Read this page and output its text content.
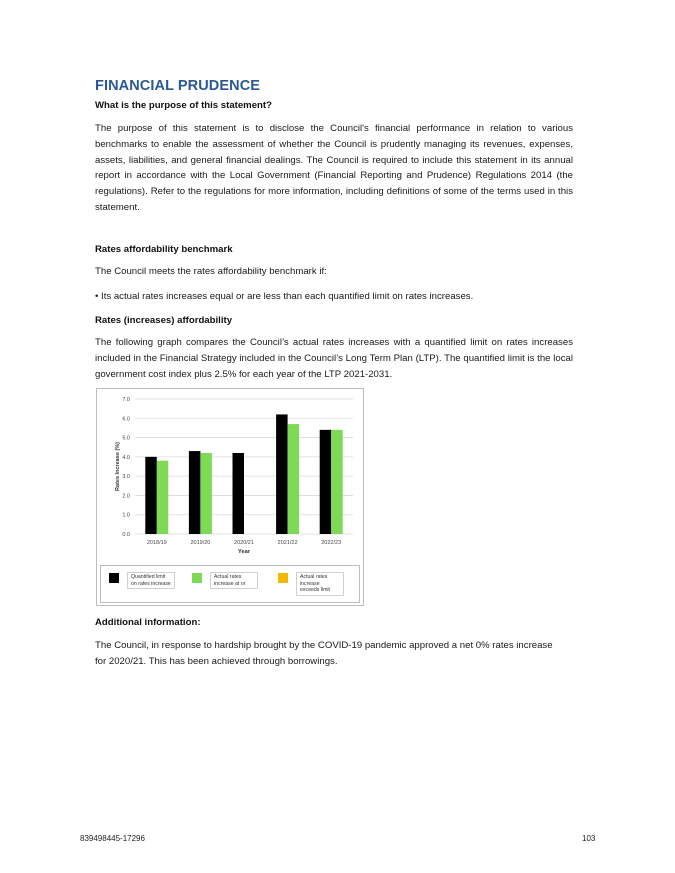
FINANCIAL PRUDENCE
What is the purpose of this statement?
The purpose of this statement is to disclose the Council's financial performance in relation to various benchmarks to enable the assessment of whether the Council is prudently managing its revenues, expenses, assets, liabilities, and general financial dealings. The Council is required to include this statement in its annual report in accordance with the Local Government (Financial Reporting and Prudence) Regulations 2014 (the regulations). Refer to the regulations for more information, including definitions of some of the terms used in this statement.
Rates affordability benchmark
The Council meets the rates affordability benchmark if:
• Its actual rates increases equal or are less than each quantified limit on rates increases.
Rates (increases) affordability
The following graph compares the Council’s actual rates increases with a quantified limit on rates increases included in the Financial Strategy included in the Council’s Long Term Plan (LTP). The quantified limit is the local government cost index plus 2.5% for each year of the LTP 2021-2031.
Additional information:
The Council, in response to hardship brought by the COVID-19 pandemic approved a net 0% rates increase for 2020/21. This has been achieved through borrowings.
0.0
1.0
2.0
3.0
4.0
5.0
6.0
7.0
Rates Increase (%)
2018/19	2019/20	2020/21	2021/22	2022/23
Year
Quantified limit on rates increase
Actual rates increase at or
Actual rates increase exceeds limit
839498445-17296	103
